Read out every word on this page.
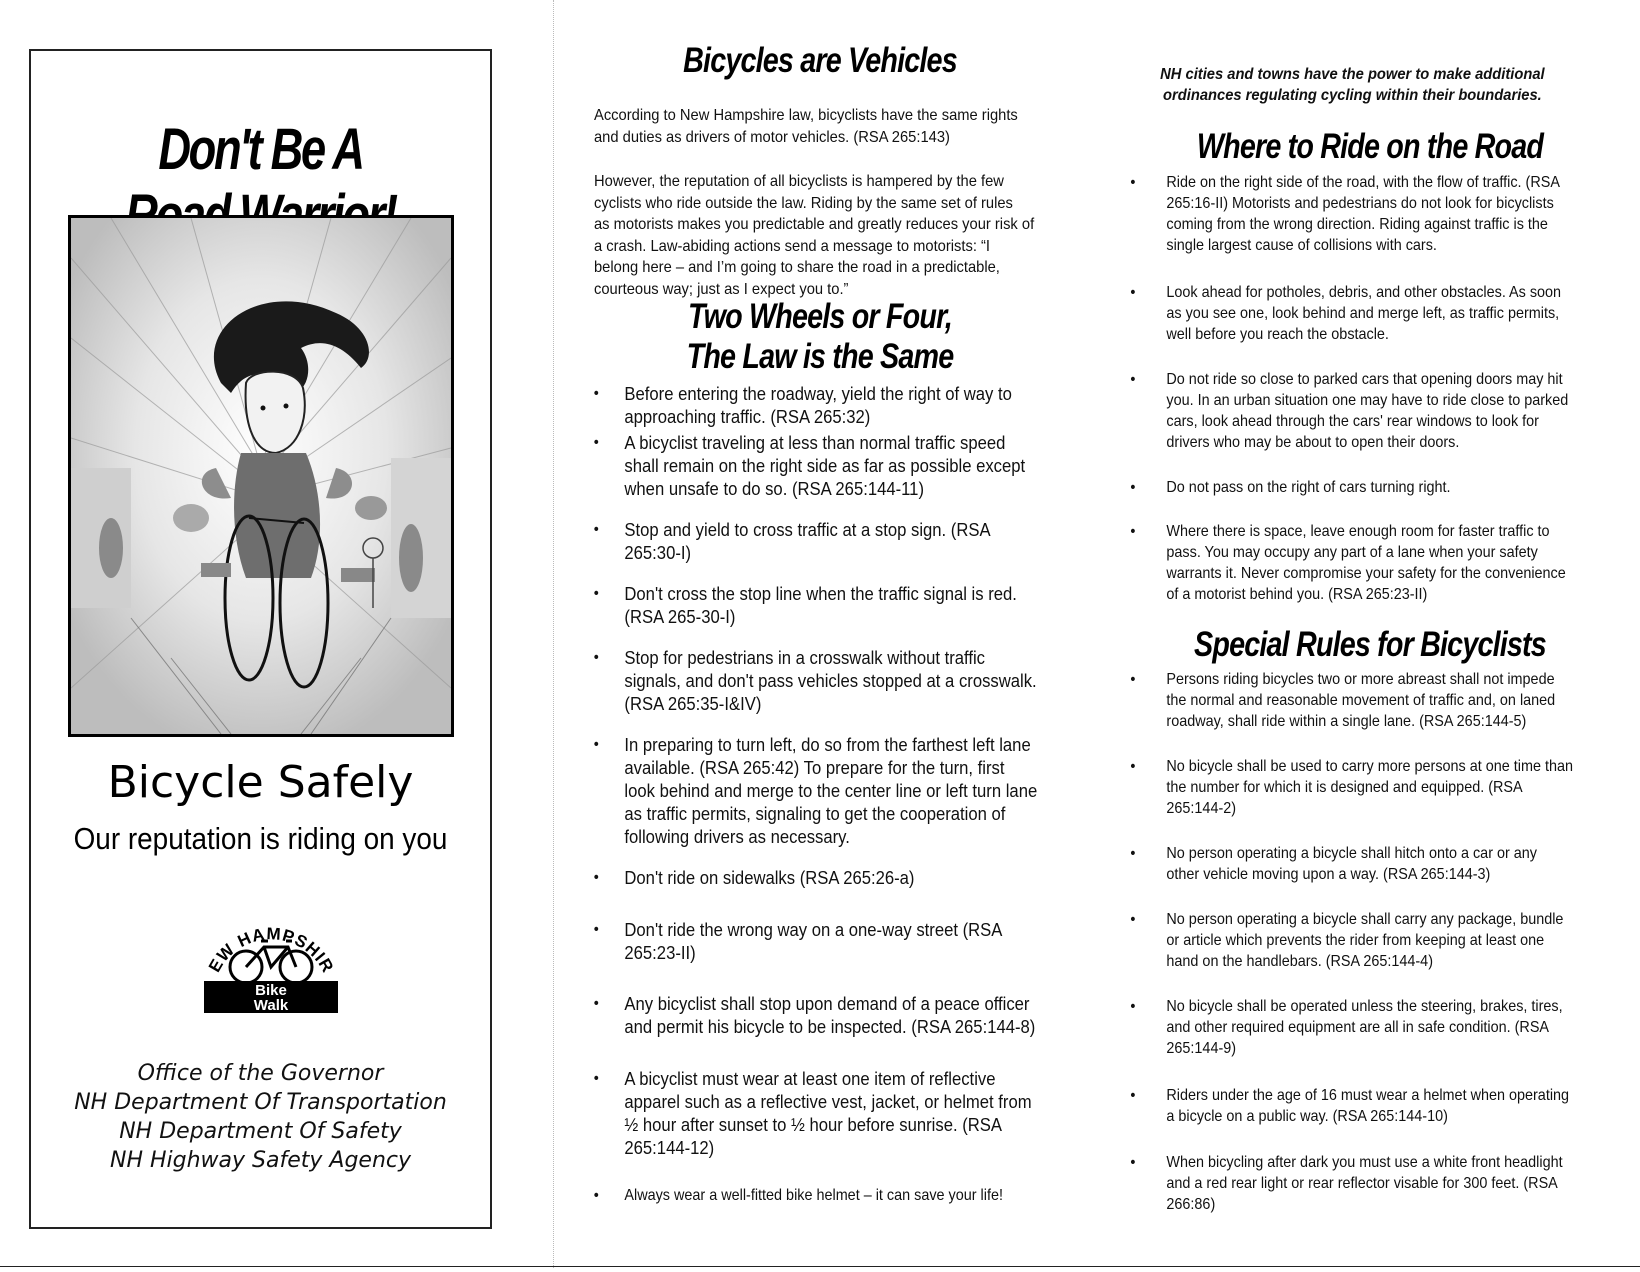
Don't Be A
Bicycle Safely
Our reputation is riding on you
EW HAMPSHIR
Bike
Walk
Office of the Governor
NH Department Of Transportation
NH Department Of Safety
NH Highway Safety Agency
Bicycles are Vehicles
According to New Hampshire law, bicyclists have the same rights
and duties as drivers of motor vehicles. (RSA 265:143)
However, the reputation of all bicyclists is hampered by the few
cyclists who ride outside the law. Riding by the same set of rules
as motorists makes you predictable and greatly reduces your risk of
a crash. Law-abiding actions send a message to motorists: “I
belong here – and I’m going to share the road in a predictable,
courteous way; just as I expect you to.”
Two Wheels or Four,
The Law is the Same
• Before entering the roadway, yield the right of way to
approaching traffic. (RSA 265:32)
• A bicyclist traveling at less than normal traffic speed
shall remain on the right side as far as possible except
when unsafe to do so. (RSA 265:144-11)
• Stop and yield to cross traffic at a stop sign. (RSA
265:30-I)
• Don't cross the stop line when the traffic signal is red.
(RSA 265-30-I)
• Stop for pedestrians in a crosswalk without traffic
signals, and don't pass vehicles stopped at a crosswalk.
(RSA 265:35-I&IV)
• In preparing to turn left, do so from the farthest left lane
available. (RSA 265:42) To prepare for the turn, first
look behind and merge to the center line or left turn lane
as traffic permits, signaling to get the cooperation of
following drivers as necessary.
• Don't ride on sidewalks (RSA 265:26-a)
• Don't ride the wrong way on a one-way street (RSA
265:23-II)
• Any bicyclist shall stop upon demand of a peace officer
and permit his bicycle to be inspected. (RSA 265:144-8)
• A bicyclist must wear at least one item of reflective
apparel such as a reflective vest, jacket, or helmet from
½ hour after sunset to ½ hour before sunrise. (RSA
265:144-12)
• Always wear a well-fitted bike helmet – it can save your life!
NH cities and towns have the power to make additional
ordinances regulating cycling within their boundaries.
Where to Ride on the Road
• Ride on the right side of the road, with the flow of traffic. (RSA
265:16-II) Motorists and pedestrians do not look for bicyclists
coming from the wrong direction. Riding against traffic is the
single largest cause of collisions with cars.
• Look ahead for potholes, debris, and other obstacles. As soon
as you see one, look behind and merge left, as traffic permits,
well before you reach the obstacle.
• Do not ride so close to parked cars that opening doors may hit
you. In an urban situation one may have to ride close to parked
cars, look ahead through the cars' rear windows to look for
drivers who may be about to open their doors.
• Do not pass on the right of cars turning right.
• Where there is space, leave enough room for faster traffic to
pass. You may occupy any part of a lane when your safety
warrants it. Never compromise your safety for the convenience
of a motorist behind you. (RSA 265:23-II)
Special Rules for Bicyclists
• Persons riding bicycles two or more abreast shall not impede
the normal and reasonable movement of traffic and, on laned
roadway, shall ride within a single lane. (RSA 265:144-5)
• No bicycle shall be used to carry more persons at one time than
the number for which it is designed and equipped. (RSA
265:144-2)
• No person operating a bicycle shall hitch onto a car or any
other vehicle moving upon a way. (RSA 265:144-3)
• No person operating a bicycle shall carry any package, bundle
or article which prevents the rider from keeping at least one
hand on the handlebars. (RSA 265:144-4)
• No bicycle shall be operated unless the steering, brakes, tires,
and other required equipment are all in safe condition. (RSA
265:144-9)
• Riders under the age of 16 must wear a helmet when operating
a bicycle on a public way. (RSA 265:144-10)
• When bicycling after dark you must use a white front headlight
and a red rear light or rear reflector visable for 300 feet. (RSA
266:86)
